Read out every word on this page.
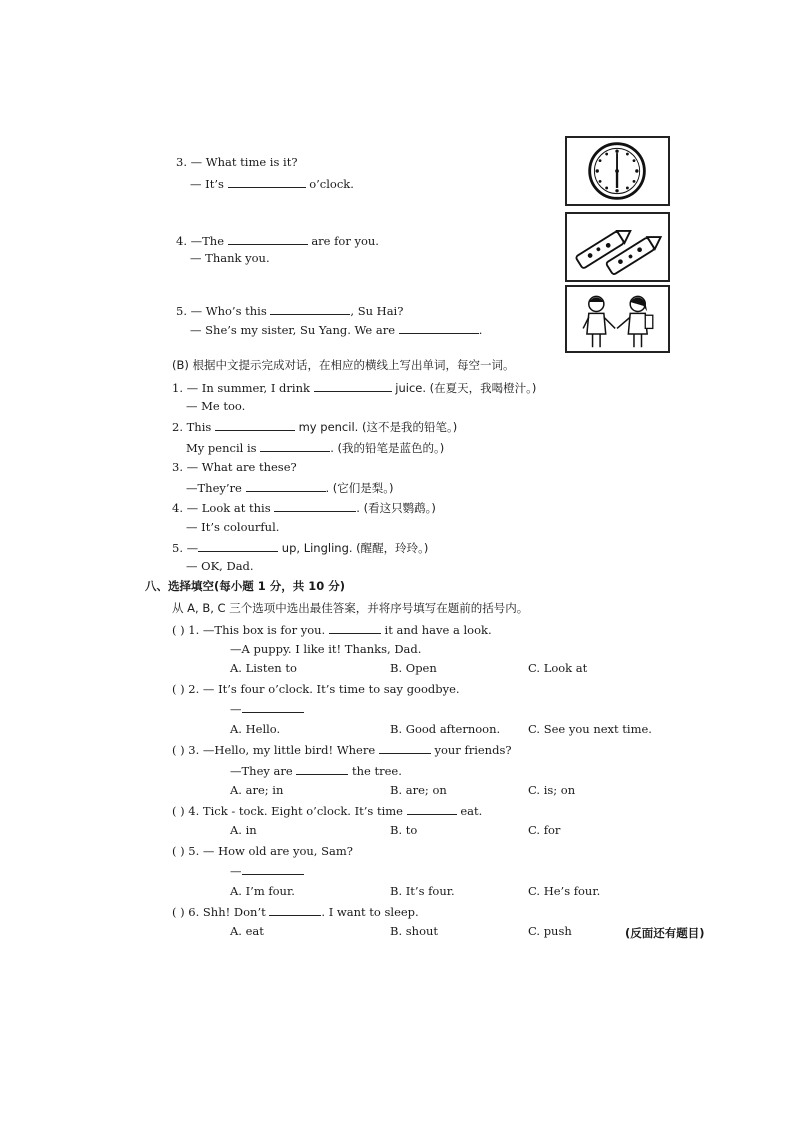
3. — What time is it?
— It’s	o’clock.
4. —The	are for you.
— Thank you.
5. — Who’s this	, Su Hai?
— She’s my sister, Su Yang. We are	.
(B) 根据中文提示完成对话，在相应的横线上写出单词，每空一词。
1. — In summer, I drink	juice. (在夏天，我喝橙汁。)
— Me too.
2. This	my pencil. (这不是我的铅笔。)
My pencil is	. (我的铅笔是蓝色的。)
3. — What are these?
—They’re	. (它们是梨。)
4. — Look at this	. (看这只鹦鹉。)
— It’s colourful.
5. —	up, Lingling. (醒醒，玲玲。)
— OK, Dad.
八、选择填空(每小题 1 分，共 10 分)
从 A, B, C 三个选项中选出最佳答案，并将序号填写在题前的括号内。
( ) 1. —This box is for you.	it and have a look.
—A puppy. I like it! Thanks, Dad.
A. Listen to	B. Open	C. Look at
( ) 2. — It’s four o’clock. It’s time to say goodbye.
—
A. Hello.	B. Good afternoon. C. See you next time.
( ) 3. —Hello, my little bird! Where	your friends?
—They are	the tree.
A. are; in	B. are; on	C. is; on
( ) 4. Tick - tock. Eight o’clock. It’s time	eat.
A. in	B. to	C. for
( ) 5. — How old are you, Sam?
—
A. I’m four.	B. It’s four.	C. He’s four.
( ) 6. Shh! Don’t	. I want to sleep.
A. eat	B. shout	C. push	(反面还有题目)
